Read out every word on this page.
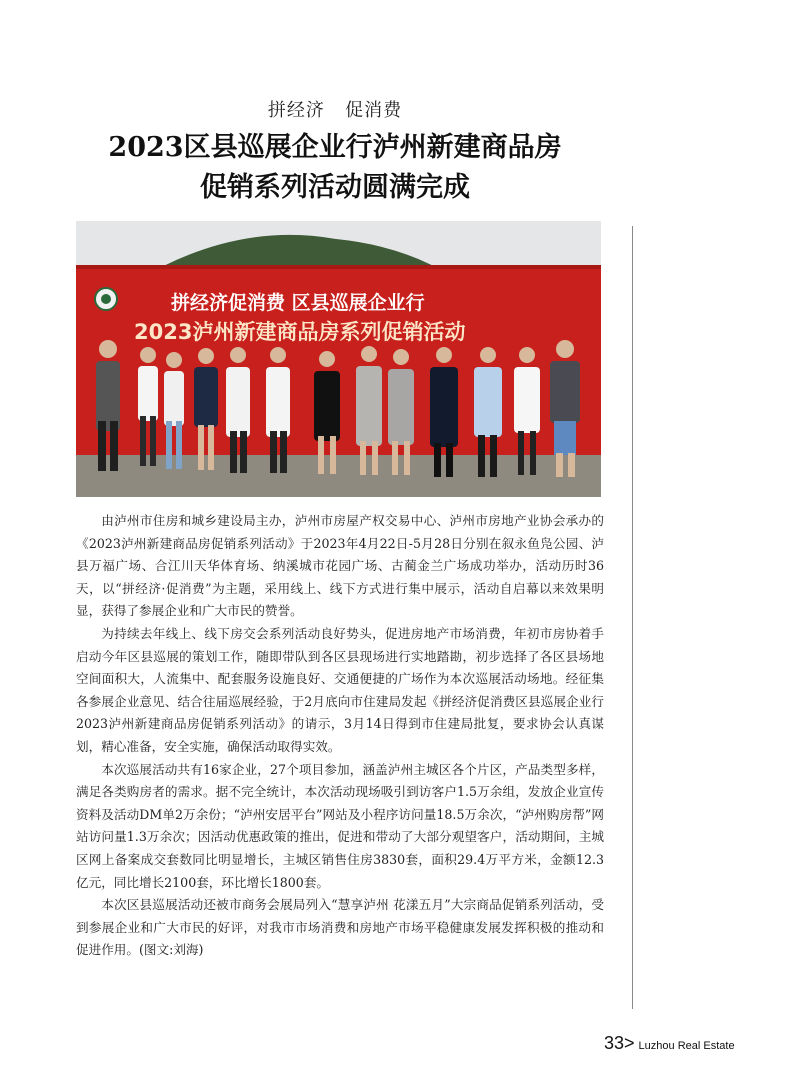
拼经济   促消费
2023区县巡展企业行泸州新建商品房
促销系列活动圆满完成
拼经济促消费 区县巡展企业行
2023泸州新建商品房系列促销活动

由泸州市住房和城乡建设局主办，泸州市房屋产权交易中心、泸州市房地产业协会承办的《2023泸州新建商品房促销系列活动》于2023年4月22日-5月28日分别在叙永鱼凫公园、泸县万福广场、合江川天华体育场、纳溪城市花园广场、古蔺金兰广场成功举办，活动历时36天，以“拼经济·促消费”为主题，采用线上、线下方式进行集中展示，活动自启幕以来效果明显，获得了参展企业和广大市民的赞誉。

为持续去年线上、线下房交会系列活动良好势头，促进房地产市场消费，年初市房协着手启动今年区县巡展的策划工作，随即带队到各区县现场进行实地踏勘，初步选择了各区县场地空间面积大，人流集中、配套服务设施良好、交通便捷的广场作为本次巡展活动场地。经征集各参展企业意见、结合往届巡展经验，于2月底向市住建局发起《拼经济促消费区县巡展企业行2023泸州新建商品房促销系列活动》的请示，3月14日得到市住建局批复，要求协会认真谋划，精心准备，安全实施，确保活动取得实效。

本次巡展活动共有16家企业，27个项目参加，涵盖泸州主城区各个片区，产品类型多样，满足各类购房者的需求。据不完全统计，本次活动现场吸引到访客户1.5万余组，发放企业宣传资料及活动DM单2万余份；“泸州安居平台”网站及小程序访问量18.5万余次，“泸州购房帮”网站访问量1.3万余次；因活动优惠政策的推出，促进和带动了大部分观望客户，活动期间，主城区网上备案成交套数同比明显增长，主城区销售住房3830套，面积29.4万平方米，金额12.3亿元，同比增长2100套，环比增长1800套。

本次区县巡展活动还被市商务会展局列入“慧享泸州 花漾五月”大宗商品促销系列活动，受到参展企业和广大市民的好评，对我市市场消费和房地产市场平稳健康发展发挥积极的推动和促进作用。(图文:刘海)

33> Luzhou Real Estate
